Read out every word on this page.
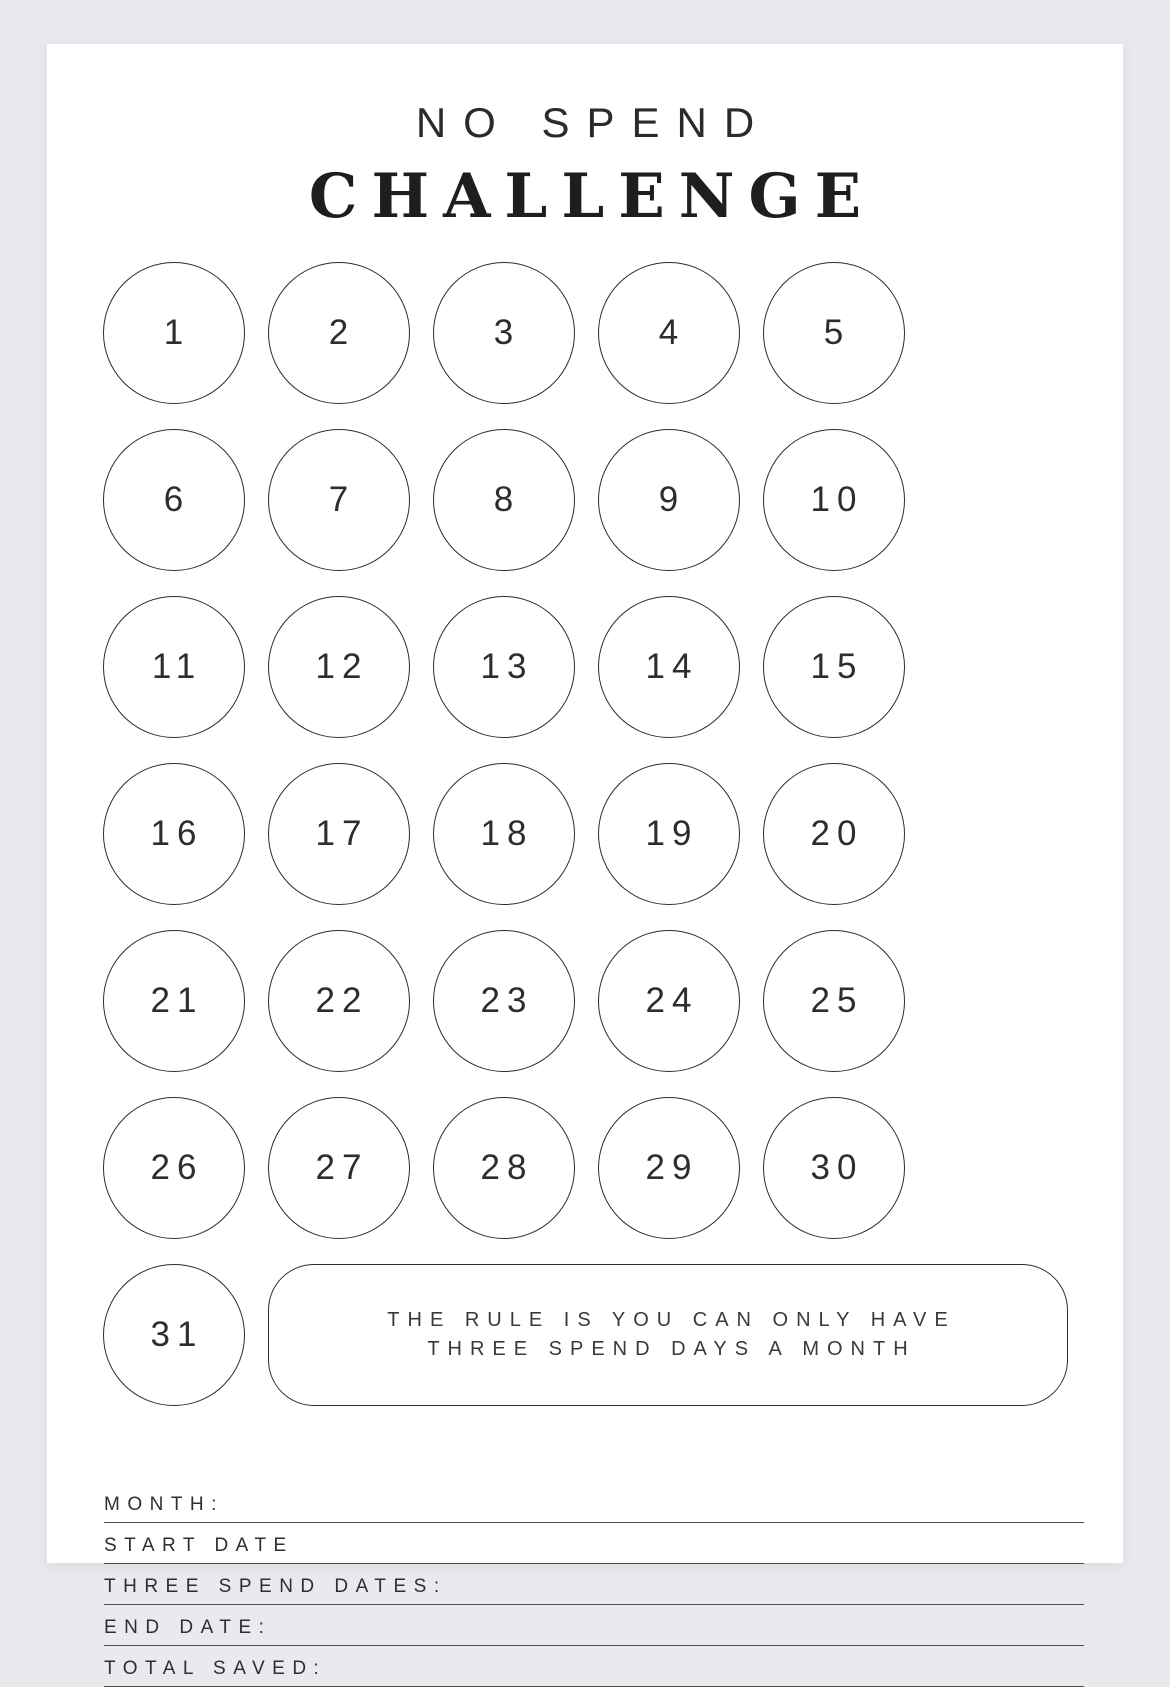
NO SPEND
CHALLENGE
1	2	3	4	5
6	7	8	9	10
11	12	13	14	15
16	17	18	19	20
21	22	23	24	25
26	27	28	29	30
31	THE RULE IS YOU CAN ONLY HAVE
THREE SPEND DAYS A MONTH
MONTH:
START DATE
THREE SPEND DATES:
END DATE:
TOTAL SAVED:
